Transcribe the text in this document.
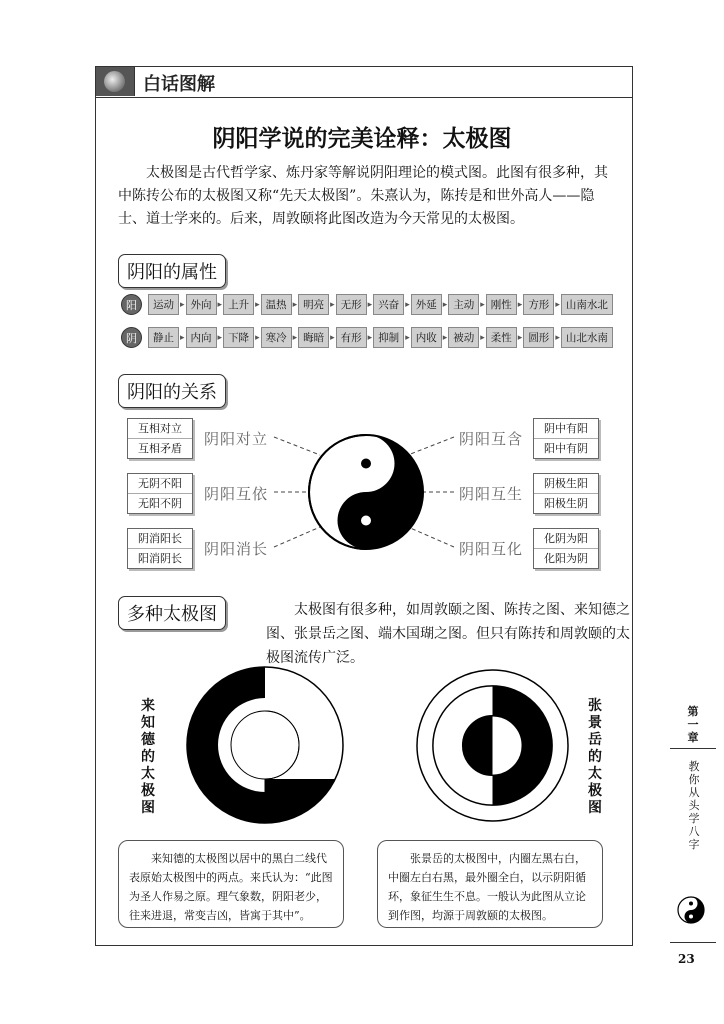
白话图解
阴阳学说的完美诠释：太极图
太极图是古代哲学家、炼丹家等解说阴阳理论的模式图。此图有很多种，其中陈抟公布的太极图又称“先天太极图”。朱熹认为，陈抟是和世外高人——隐士、道士学来的。后来，周敦颐将此图改造为今天常见的太极图。
阴阳的属性
阳	运动 ▸ 外向 ▸ 上升 ▸ 温热 ▸ 明亮 ▸ 无形 ▸ 兴奋 ▸ 外延 ▸ 主动 ▸ 刚性 ▸ 方形 ▸ 山南水北
阴	静止 ▸ 内向 ▸ 下降 ▸ 寒冷 ▸ 晦暗 ▸ 有形 ▸ 抑制 ▸ 内收 ▸ 被动 ▸ 柔性 ▸ 圆形 ▸ 山北水南
阴阳的关系
互相对立
互相矛盾
阴阳对立
无阴不阳
无阳不阴
阴阳互依
阴消阳长
阳消阴长
阴阳消长
阴阳互含
阴中有阳
阳中有阴
阴阳互生
阴极生阳
阳极生阴
阴阳互化
化阴为阳
化阳为阴
多种太极图	太极图有很多种，如周敦颐之图、陈抟之图、来知德之图、张景岳之图、端木国瑚之图。但只有陈抟和周敦颐的太极图流传广泛。
来
知
德
的
太
极
图
张
景
岳
的
太
极
图
来知德的太极图以居中的黑白二线代表原始太极图中的两点。来氏认为：“此图为圣人作易之原。理气象数，阴阳老少，往来进退，常变吉凶，皆寓于其中”。
张景岳的太极图中，内圈左黑右白，中圈左白右黑，最外圈全白，以示阴阳循环，象征生生不息。一般认为此图从立论到作图，均源于周敦颐的太极图。
第
一
章
教
你
从
头
学
八
字
23
